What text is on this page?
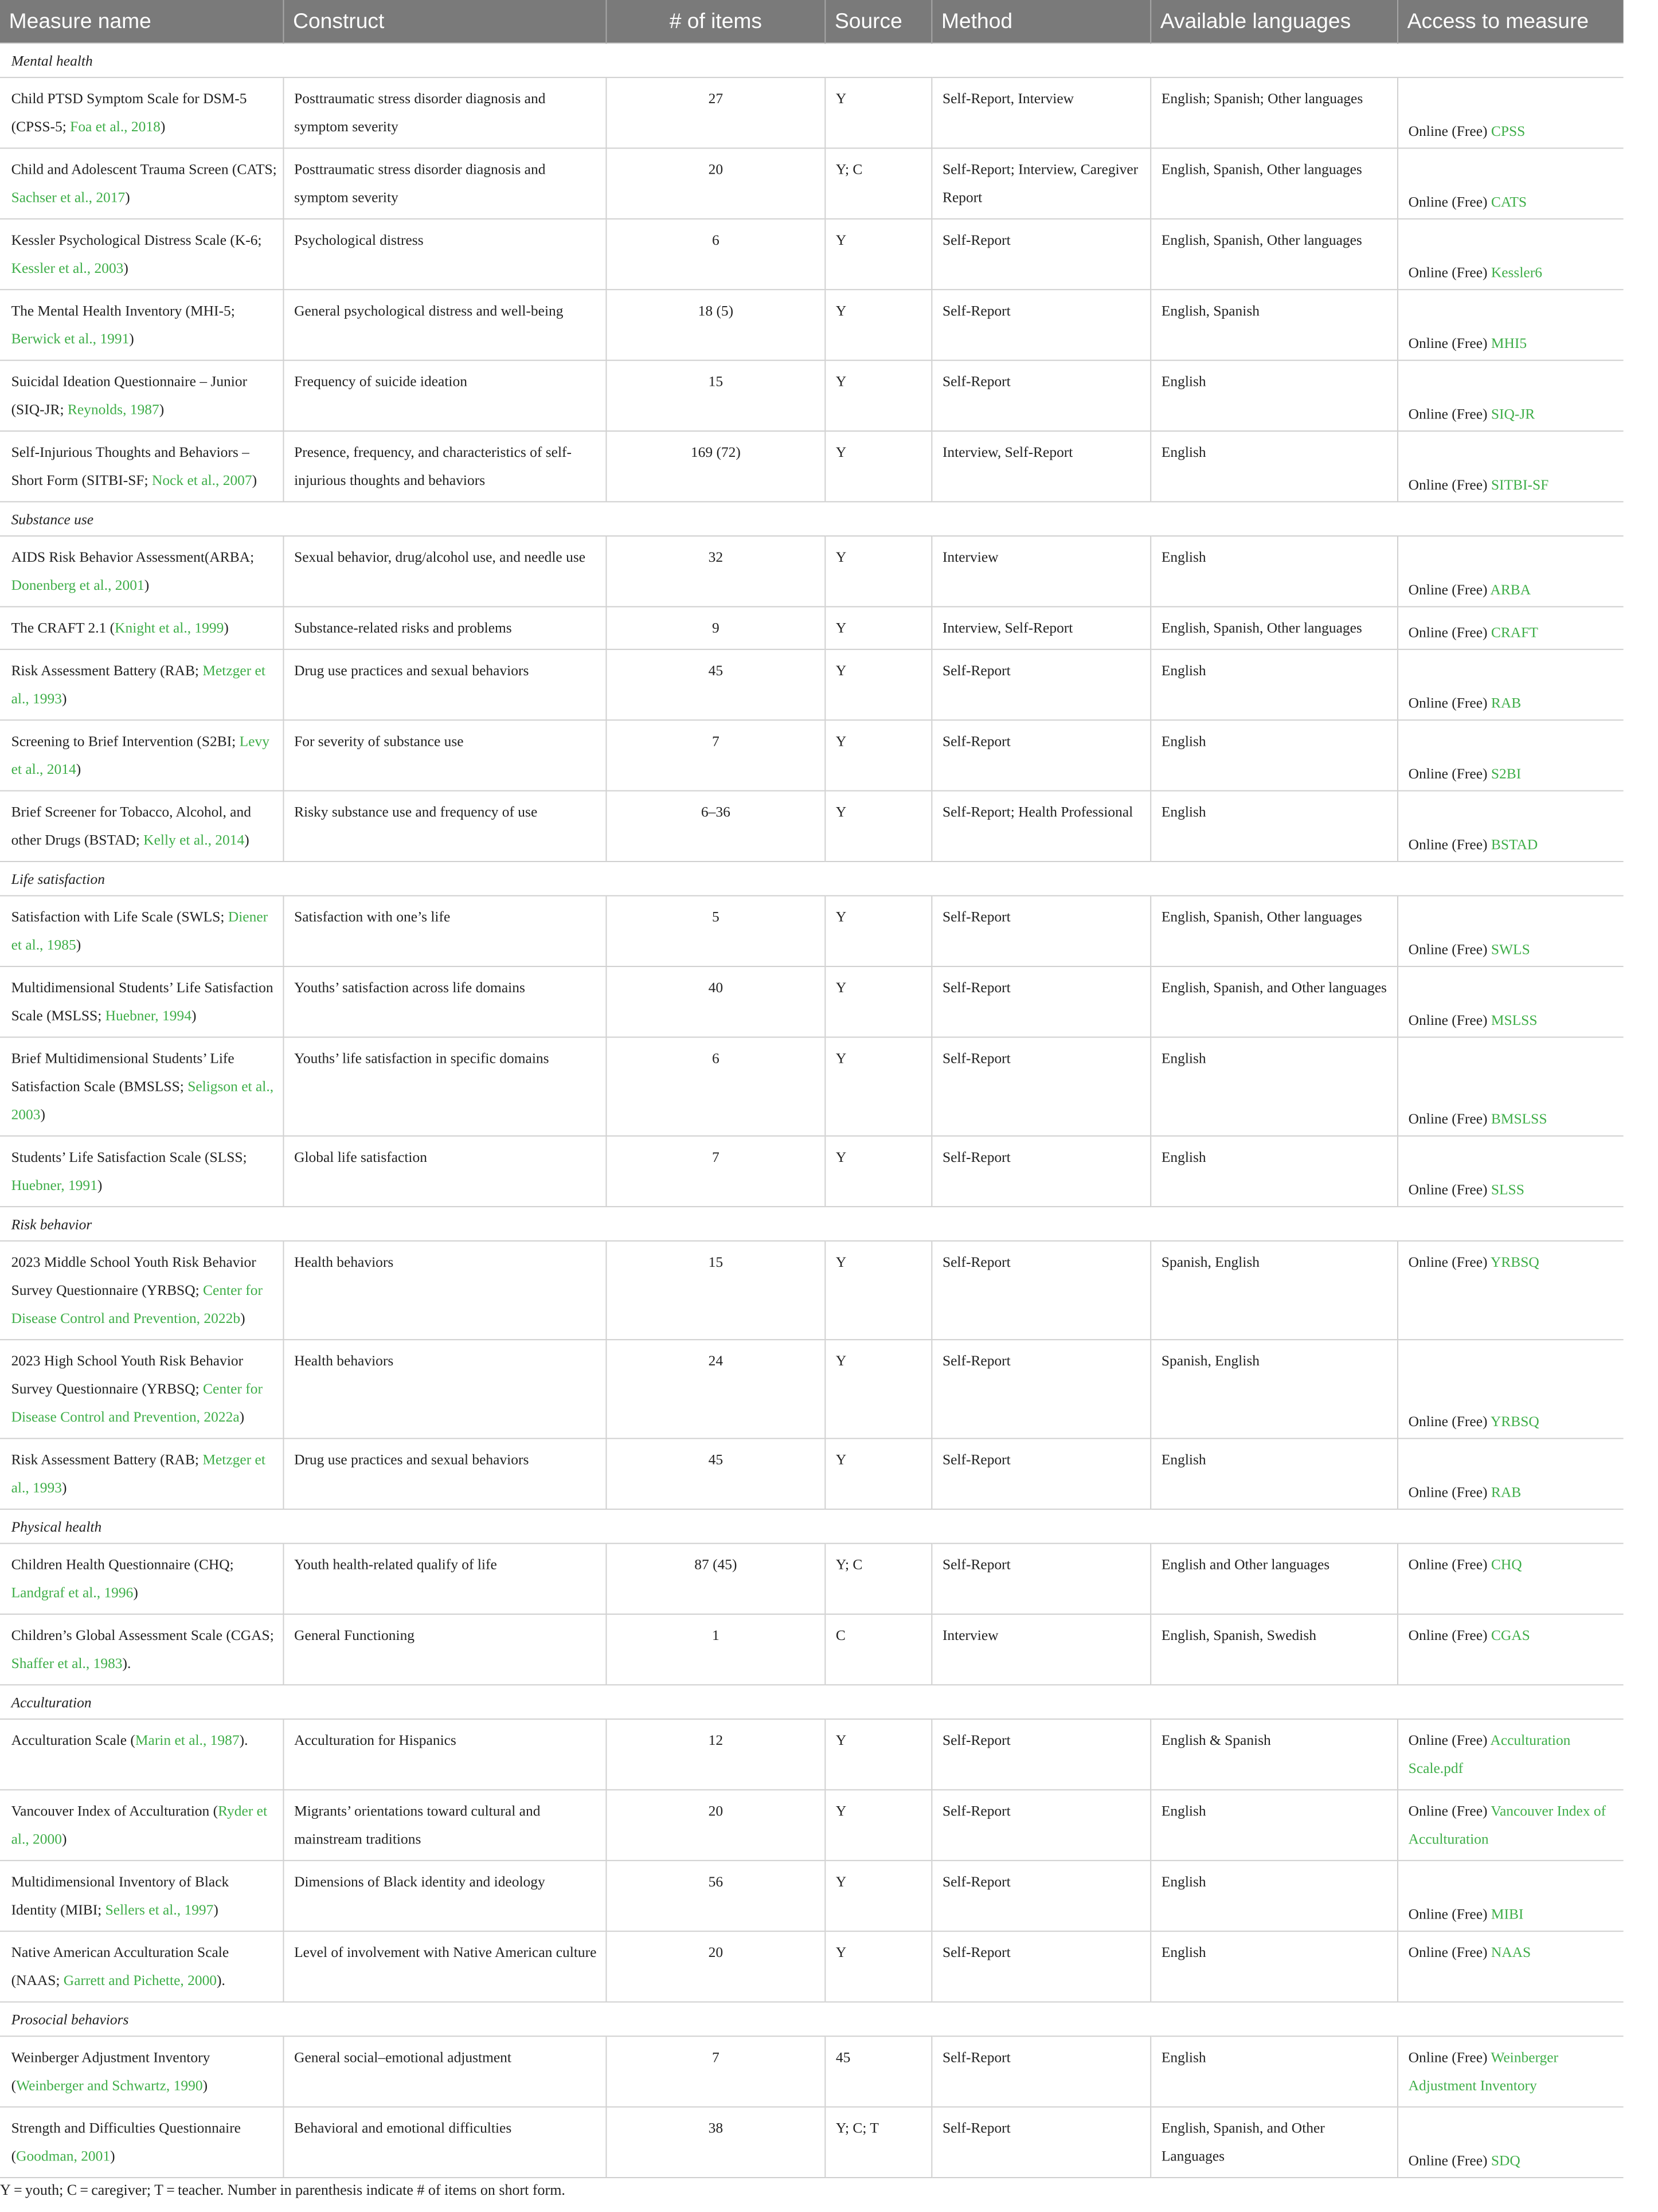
Measure name	Construct	# of items	Source	Method	Available languages	Access to measure
Mental health						
Child PTSD Symptom Scale for DSM-5 (CPSS-5; Foa et al., 2018)	Posttraumatic stress disorder diagnosis and symptom severity	27	Y	Self-Report, Interview	English; Spanish; Other languages	Online (Free) CPSS
Child and Adolescent Trauma Screen (CATS; Sachser et al., 2017)	Posttraumatic stress disorder diagnosis and symptom severity	20	Y; C	Self-Report; Interview, Caregiver Report	English, Spanish, Other languages	Online (Free) CATS
Kessler Psychological Distress Scale (K-6; Kessler et al., 2003)	Psychological distress	6	Y	Self-Report	English, Spanish, Other languages	Online (Free) Kessler6
The Mental Health Inventory (MHI-5; Berwick et al., 1991)	General psychological distress and well-being	18 (5)	Y	Self-Report	English, Spanish	Online (Free) MHI5
Suicidal Ideation Questionnaire – Junior (SIQ-JR; Reynolds, 1987)	Frequency of suicide ideation	15	Y	Self-Report	English	Online (Free) SIQ-JR
Self-Injurious Thoughts and Behaviors – Short Form (SITBI-SF; Nock et al., 2007)	Presence, frequency, and characteristics of self-injurious thoughts and behaviors	169 (72)	Y	Interview, Self-Report	English	Online (Free) SITBI-SF
Substance use						
AIDS Risk Behavior Assessment(ARBA; Donenberg et al., 2001)	Sexual behavior, drug/alcohol use, and needle use	32	Y	Interview	English	Online (Free) ARBA
The CRAFT 2.1 (Knight et al., 1999)	Substance-related risks and problems	9	Y	Interview, Self-Report	English, Spanish, Other languages	Online (Free) CRAFT
Risk Assessment Battery (RAB; Metzger et al., 1993)	Drug use practices and sexual behaviors	45	Y	Self-Report	English	Online (Free) RAB
Screening to Brief Intervention (S2BI; Levy et al., 2014)	For severity of substance use	7	Y	Self-Report	English	Online (Free) S2BI
Brief Screener for Tobacco, Alcohol, and other Drugs (BSTAD; Kelly et al., 2014)	Risky substance use and frequency of use	6–36	Y	Self-Report; Health Professional	English	Online (Free) BSTAD
Life satisfaction						
Satisfaction with Life Scale (SWLS; Diener et al., 1985)	Satisfaction with one’s life	5	Y	Self-Report	English, Spanish, Other languages	Online (Free) SWLS
Multidimensional Students’ Life Satisfaction Scale (MSLSS; Huebner, 1994)	Youths’ satisfaction across life domains	40	Y	Self-Report	English, Spanish, and Other languages	Online (Free) MSLSS
Brief Multidimensional Students’ Life Satisfaction Scale (BMSLSS; Seligson et al., 2003)	Youths’ life satisfaction in specific domains	6	Y	Self-Report	English	Online (Free) BMSLSS
Students’ Life Satisfaction Scale (SLSS; Huebner, 1991)	Global life satisfaction	7	Y	Self-Report	English	Online (Free) SLSS
Risk behavior						
2023 Middle School Youth Risk Behavior Survey Questionnaire (YRBSQ; Center for Disease Control and Prevention, 2022b)	Health behaviors	15	Y	Self-Report	Spanish, English	Online (Free) YRBSQ
2023 High School Youth Risk Behavior Survey Questionnaire (YRBSQ; Center for Disease Control and Prevention, 2022a)	Health behaviors	24	Y	Self-Report	Spanish, English	Online (Free) YRBSQ
Risk Assessment Battery (RAB; Metzger et al., 1993)	Drug use practices and sexual behaviors	45	Y	Self-Report	English	Online (Free) RAB
Physical health						
Children Health Questionnaire (CHQ; Landgraf et al., 1996)	Youth health-related qualify of life	87 (45)	Y; C	Self-Report	English and Other languages	Online (Free) CHQ
Children’s Global Assessment Scale (CGAS; Shaffer et al., 1983).	General Functioning	1	C	Interview	English, Spanish, Swedish	Online (Free) CGAS
Acculturation						
Acculturation Scale (Marin et al., 1987).	Acculturation for Hispanics	12	Y	Self-Report	English & Spanish	Online (Free) Acculturation Scale.pdf
Vancouver Index of Acculturation (Ryder et al., 2000)	Migrants’ orientations toward cultural and mainstream traditions	20	Y	Self-Report	English	Online (Free) Vancouver Index of Acculturation
Multidimensional Inventory of Black Identity (MIBI; Sellers et al., 1997)	Dimensions of Black identity and ideology	56	Y	Self-Report	English	Online (Free) MIBI
Native American Acculturation Scale (NAAS; Garrett and Pichette, 2000).	Level of involvement with Native American culture	20	Y	Self-Report	English	Online (Free) NAAS
Prosocial behaviors						
Weinberger Adjustment Inventory (Weinberger and Schwartz, 1990)	General social–emotional adjustment	7	45	Self-Report	English	Online (Free) Weinberger Adjustment Inventory
Strength and Difficulties Questionnaire (Goodman, 2001)	Behavioral and emotional difficulties	38	Y; C; T	Self-Report	English, Spanish, and Other Languages	Online (Free) SDQ
Y = youth; C = caregiver; T = teacher. Number in parenthesis indicate # of items on short form.
